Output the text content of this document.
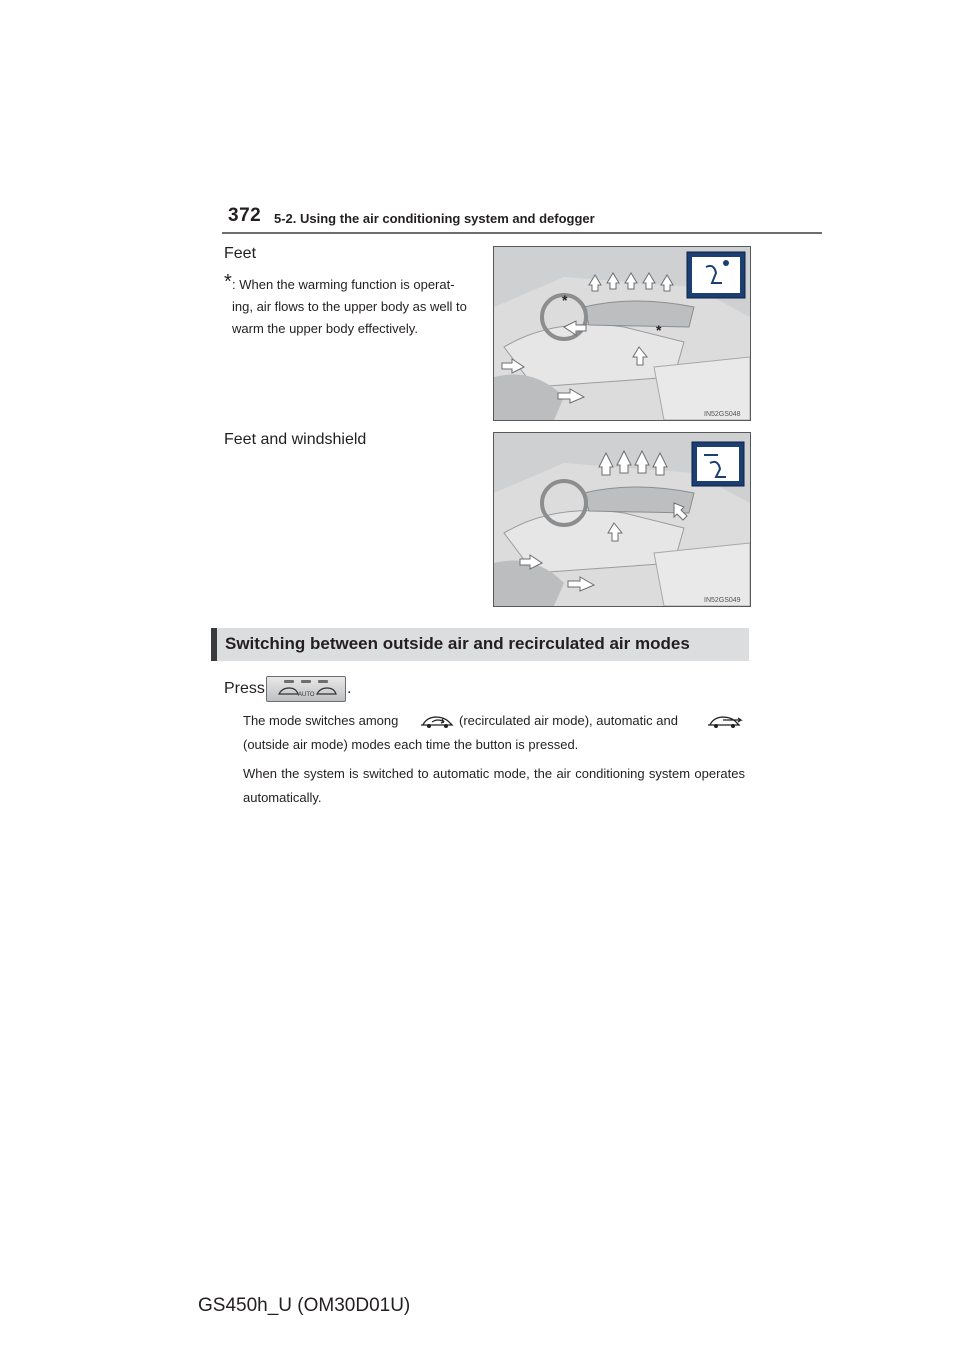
372 5-2. Using the air conditioning system and defogger
Feet
* : When the warming function is operat- ing, air flows to the upper body as well to warm the upper body effectively.
*
*
IN52GS048
Feet and windshield
IN52GS049
Switching between outside air and recirculated air modes
Press	AUTO .
The mode switches among	(recirculated air mode), automatic and
(outside air mode) modes each time the button is pressed.
When the system is switched to automatic mode, the air conditioning system operates automatically.
GS450h_U (OM30D01U)
